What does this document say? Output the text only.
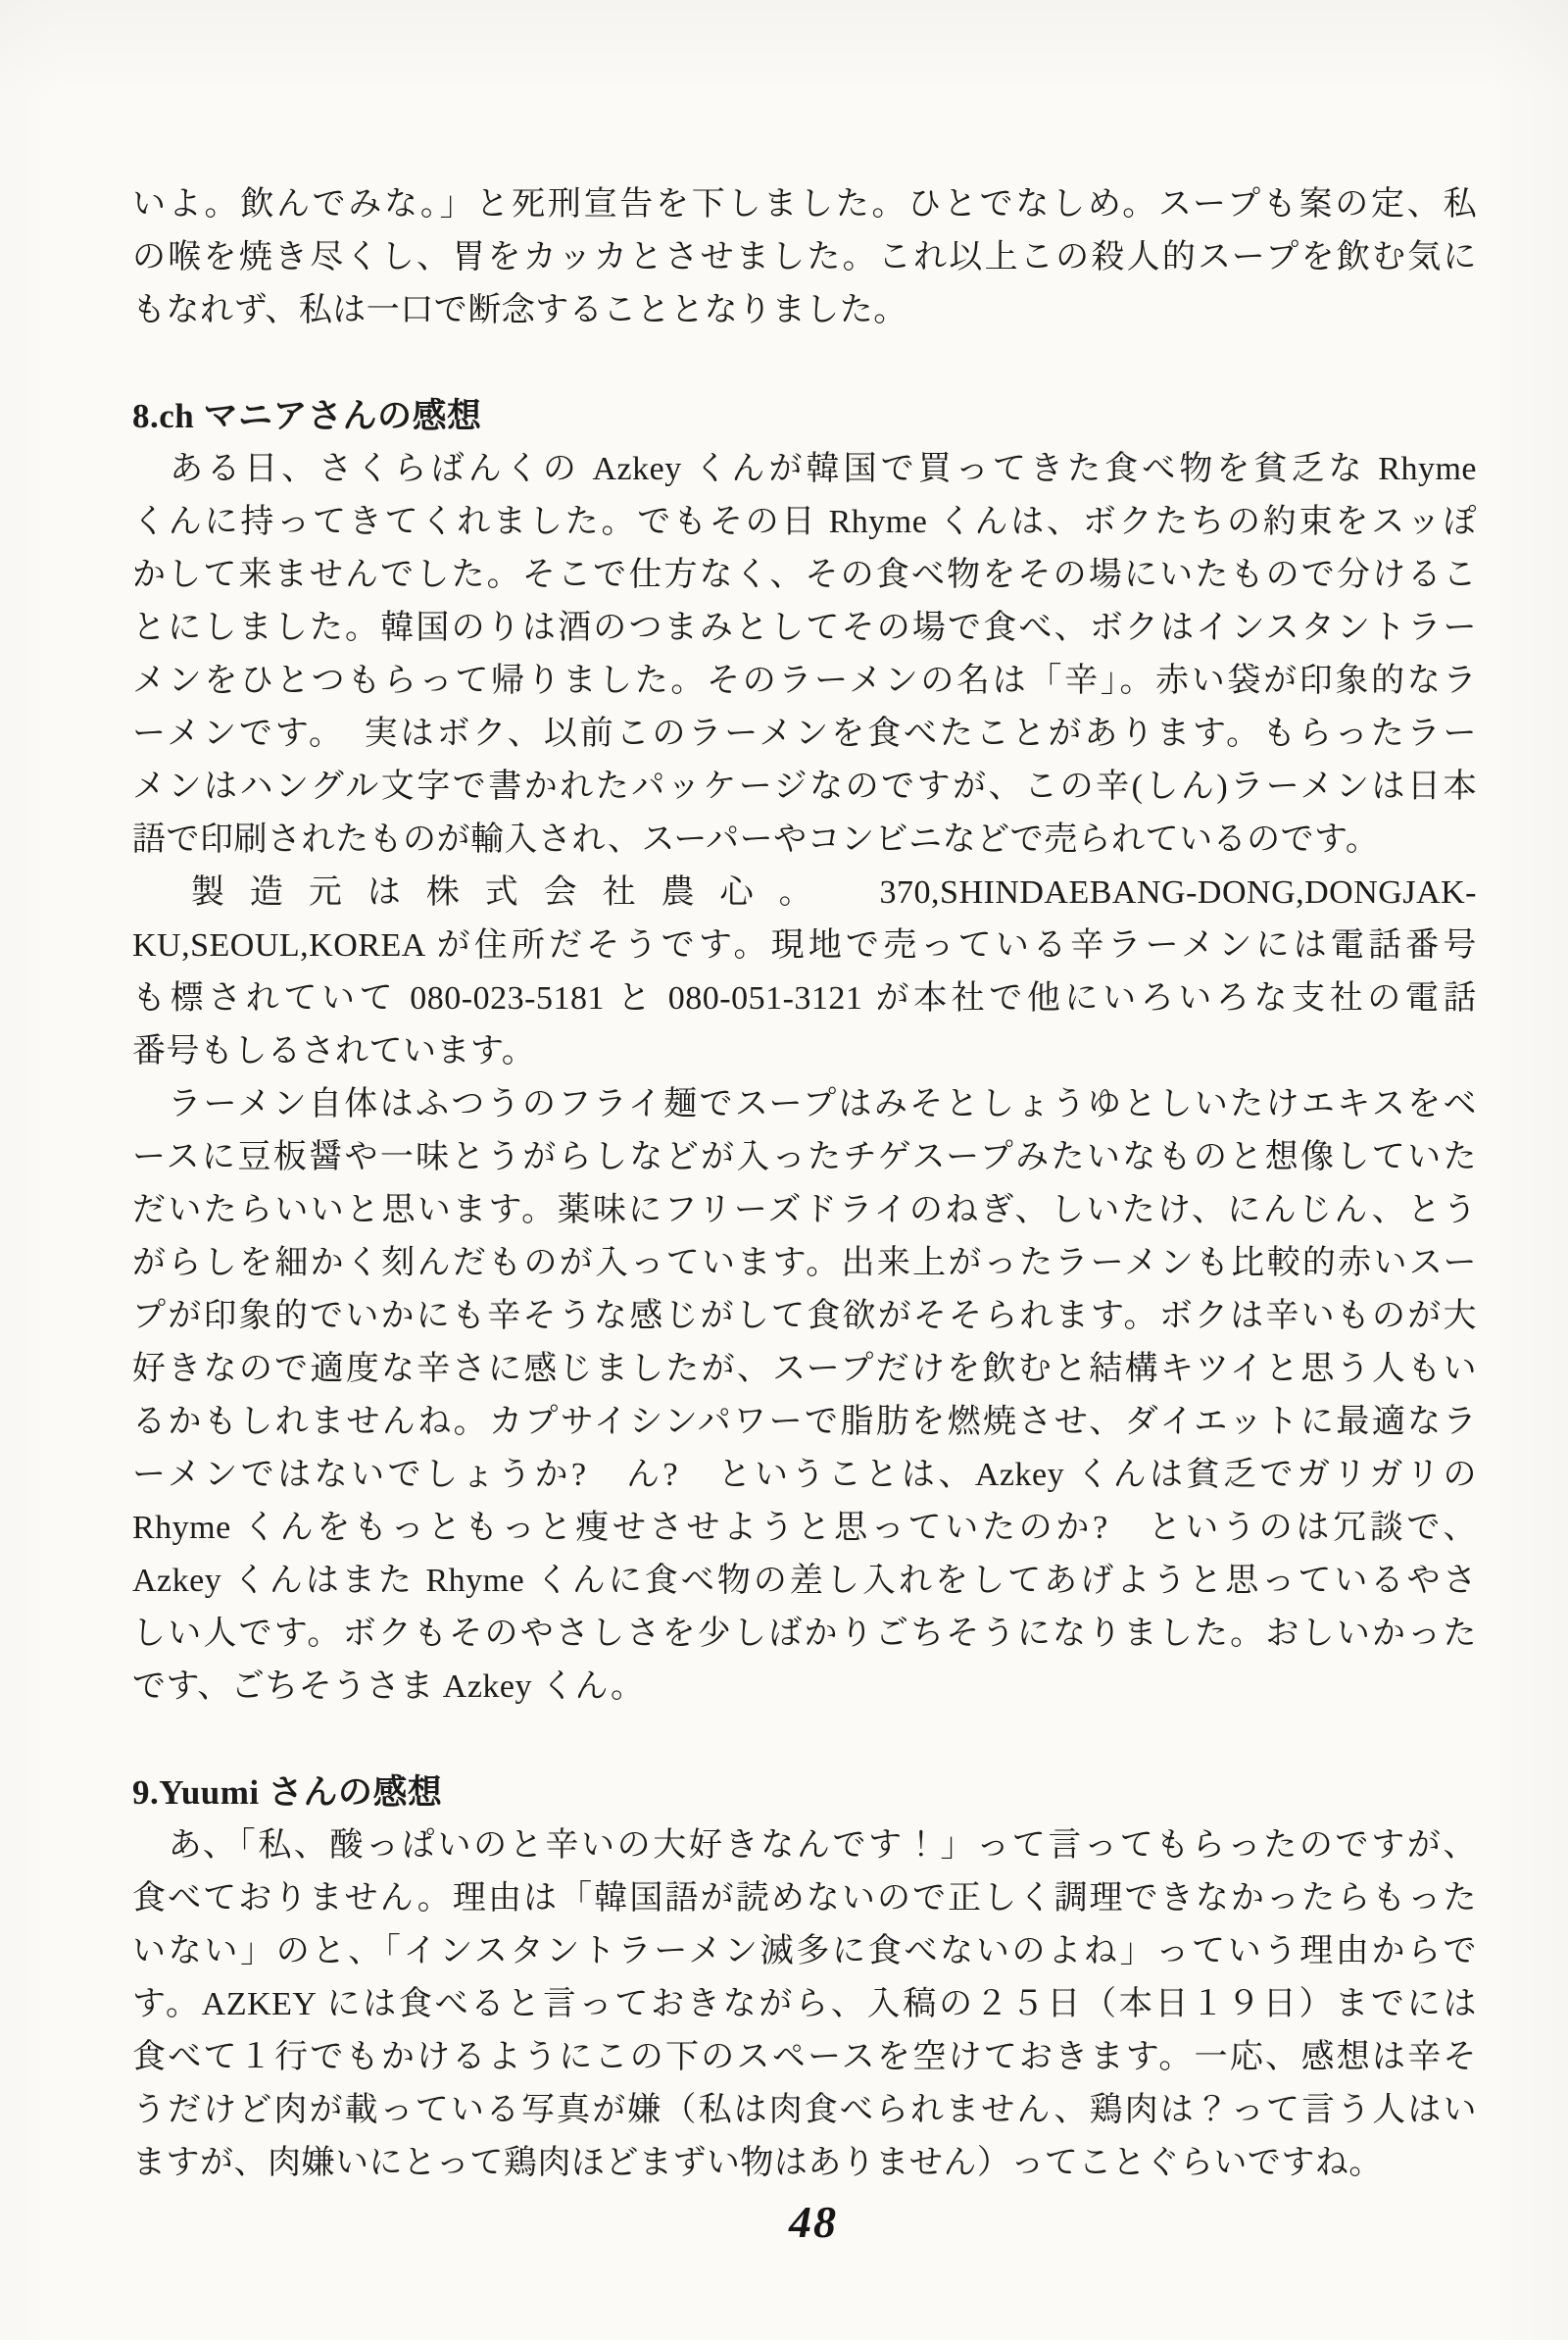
いよ。飲んでみな。」と死刑宣告を下しました。ひとでなしめ。スープも案の定、私
の喉を焼き尽くし、胃をカッカとさせました。これ以上この殺人的スープを飲む気に
もなれず、私は一口で断念することとなりました。
8.ch マニアさんの感想
　ある日、さくらばんくの Azkey くんが韓国で買ってきた食べ物を貧乏な Rhyme
くんに持ってきてくれました。でもその日 Rhyme くんは、ボクたちの約束をスッぽ
かして来ませんでした。そこで仕方なく、その食べ物をその場にいたもので分けるこ
とにしました。韓国のりは酒のつまみとしてその場で食べ、ボクはインスタントラー
メンをひとつもらって帰りました。そのラーメンの名は「辛」。赤い袋が印象的なラ
ーメンです。　実はボク、以前このラーメンを食べたことがあります。もらったラー
メンはハングル文字で書かれたパッケージなのですが、この辛(しん)ラーメンは日本
語で印刷されたものが輸入され、スーパーやコンビニなどで売られているのです。
　製造元は株式会社農心。　370,SHINDAEBANG-DONG,DONGJAK-
KU,SEOUL,KOREA が住所だそうです。現地で売っている辛ラーメンには電話番号
も標されていて 080-023-5181 と 080-051-3121 が本社で他にいろいろな支社の電話
番号もしるされています。
　ラーメン自体はふつうのフライ麺でスープはみそとしょうゆとしいたけエキスをベ
ースに豆板醤や一味とうがらしなどが入ったチゲスープみたいなものと想像していた
だいたらいいと思います。薬味にフリーズドライのねぎ、しいたけ、にんじん、とう
がらしを細かく刻んだものが入っています。出来上がったラーメンも比較的赤いスー
プが印象的でいかにも辛そうな感じがして食欲がそそられます。ボクは辛いものが大
好きなので適度な辛さに感じましたが、スープだけを飲むと結構キツイと思う人もい
るかもしれませんね。カプサイシンパワーで脂肪を燃焼させ、ダイエットに最適なラ
ーメンではないでしょうか?　ん?　ということは、Azkey くんは貧乏でガリガリの
Rhyme くんをもっともっと痩せさせようと思っていたのか?　というのは冗談で、
Azkey くんはまた Rhyme くんに食べ物の差し入れをしてあげようと思っているやさ
しい人です。ボクもそのやさしさを少しばかりごちそうになりました。おしいかった
です、ごちそうさま Azkey くん。
9.Yuumi さんの感想
　あ、「私、酸っぱいのと辛いの大好きなんです！」って言ってもらったのですが、
食べておりません。理由は「韓国語が読めないので正しく調理できなかったらもった
いない」のと、「インスタントラーメン滅多に食べないのよね」っていう理由からで
す。AZKEY には食べると言っておきながら、入稿の２５日（本日１９日）までには
食べて１行でもかけるようにこの下のスペースを空けておきます。一応、感想は辛そ
うだけど肉が載っている写真が嫌（私は肉食べられません、鶏肉は？って言う人はい
ますが、肉嫌いにとって鶏肉ほどまずい物はありません）ってことぐらいですね。
48
